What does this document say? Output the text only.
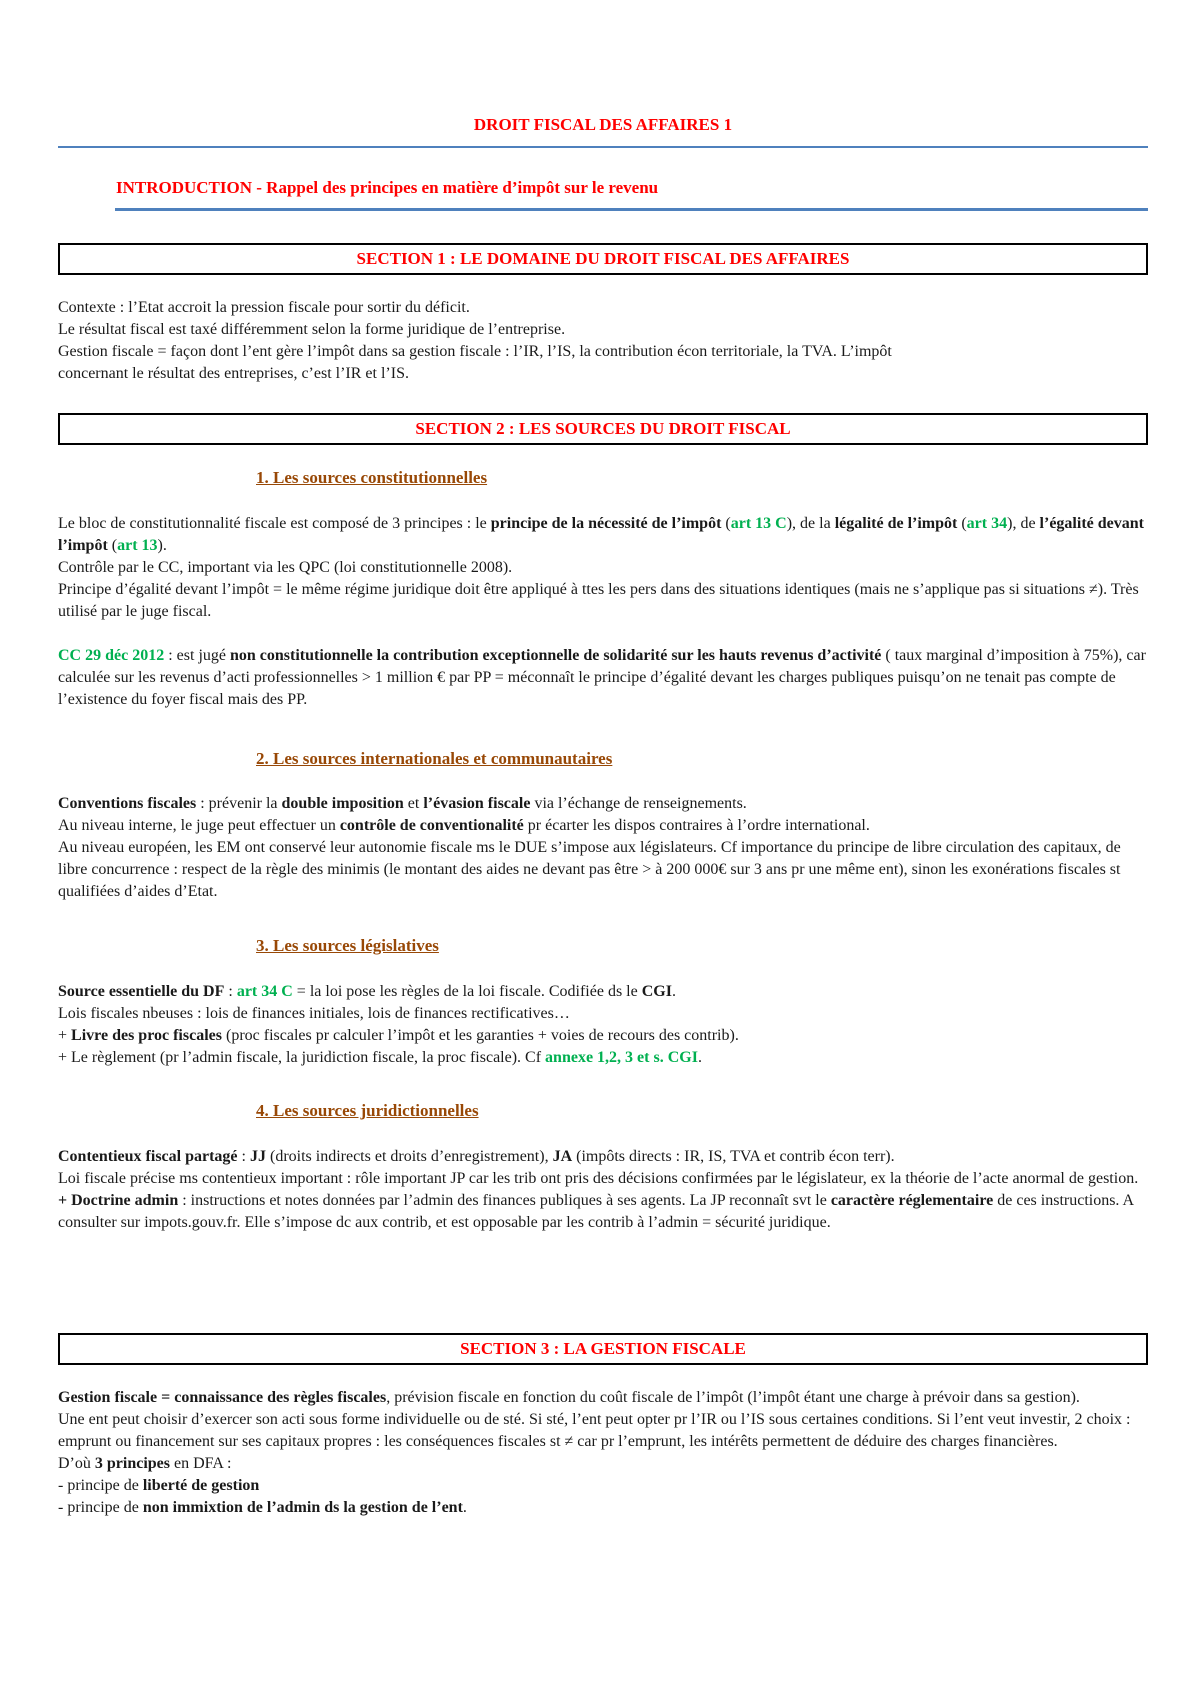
DROIT FISCAL DES AFFAIRES 1
INTRODUCTION - Rappel des principes en matière d’impôt sur le revenu
SECTION 1 : LE DOMAINE DU DROIT FISCAL DES AFFAIRES

Contexte : l’Etat accroit la pression fiscale pour sortir du déficit.

Le résultat fiscal est taxé différemment selon la forme juridique de l’entreprise.

Gestion fiscale = façon dont l’ent gère l’impôt dans sa gestion fiscale : l’IR, l’IS, la contribution écon territoriale, la TVA. L’impôt

concernant le résultat des entreprises, c’est l’IR et l’IS.

SECTION 2 : LES SOURCES DU DROIT FISCAL
1. Les sources constitutionnelles

Le bloc de constitutionnalité fiscale est composé de 3 principes : le principe de la nécessité de l’impôt (art 13 C), de la légalité de l’impôt (art 34), de l’égalité devant l’impôt (art 13).

Contrôle par le CC, important via les QPC (loi constitutionnelle 2008).

Principe d’égalité devant l’impôt = le même régime juridique doit être appliqué à ttes les pers dans des situations identiques (mais ne s’applique pas si situations ≠). Très utilisé par le juge fiscal.

CC 29 déc 2012 : est jugé non constitutionnelle la contribution exceptionnelle de solidarité sur les hauts revenus d’activité ( taux marginal d’imposition à 75%), car calculée sur les revenus d’acti professionnelles > 1 million € par PP = méconnaît le principe d’égalité devant les charges publiques puisqu’on ne tenait pas compte de l’existence du foyer fiscal mais des PP.

2. Les sources internationales et communautaires

Conventions fiscales : prévenir la double imposition et l’évasion fiscale via l’échange de renseignements.

Au niveau interne, le juge peut effectuer un contrôle de conventionalité pr écarter les dispos contraires à l’ordre international.

Au niveau européen, les EM ont conservé leur autonomie fiscale ms le DUE s’impose aux législateurs. Cf importance du principe de libre circulation des capitaux, de libre concurrence : respect de la règle des minimis (le montant des aides ne devant pas être > à 200 000€ sur 3 ans pr une même ent), sinon les exonérations fiscales st qualifiées d’aides d’Etat.

3. Les sources législatives

Source essentielle du DF : art 34 C = la loi pose les règles de la loi fiscale. Codifiée ds le CGI.

Lois fiscales nbeuses : lois de finances initiales, lois de finances rectificatives…

+ Livre des proc fiscales (proc fiscales pr calculer l’impôt et les garanties + voies de recours des contrib).

+ Le règlement (pr l’admin fiscale, la juridiction fiscale, la proc fiscale). Cf annexe 1,2, 3 et s. CGI.

4. Les sources juridictionnelles

Contentieux fiscal partagé : JJ (droits indirects et droits d’enregistrement), JA (impôts directs : IR, IS, TVA et contrib écon terr).

Loi fiscale précise ms contentieux important : rôle important JP car les trib ont pris des décisions confirmées par le législateur, ex la théorie de l’acte anormal de gestion.

+ Doctrine admin : instructions et notes données par l’admin des finances publiques à ses agents. La JP reconnaît svt le caractère réglementaire de ces instructions. A consulter sur impots.gouv.fr. Elle s’impose dc aux contrib, et est opposable par les contrib à l’admin = sécurité juridique.

SECTION 3 : LA GESTION FISCALE

Gestion fiscale = connaissance des règles fiscales, prévision fiscale en fonction du coût fiscale de l’impôt (l’impôt étant une charge à prévoir dans sa gestion).

Une ent peut choisir d’exercer son acti sous forme individuelle ou de sté. Si sté, l’ent peut opter pr l’IR ou l’IS sous certaines conditions. Si l’ent veut investir, 2 choix : emprunt ou financement sur ses capitaux propres : les conséquences fiscales st ≠ car pr l’emprunt, les intérêts permettent de déduire des charges financières.

D’où 3 principes en DFA :

- principe de liberté de gestion

- principe de non immixtion de l’admin ds la gestion de l’ent.
